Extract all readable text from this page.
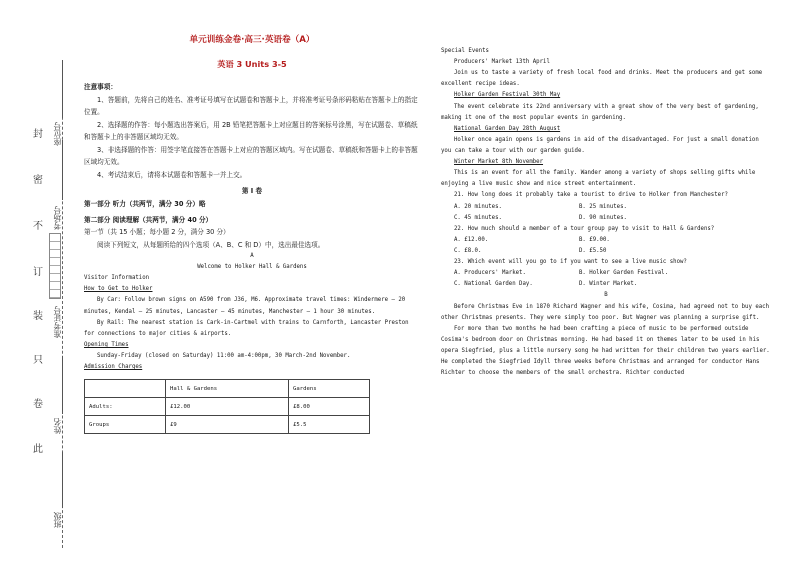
封
密
不
订
装
只
卷
此
座位号
考场号
准考证号
姓名
班级

单元训练金卷·高三·英语卷（A）

英语 3 Units 3-5

注意事项：

1、答题前，先将自己的姓名、准考证号填写在试题卷和答题卡上，并将准考证号条形码粘贴在答题卡上的指定位置。

2、选择题的作答：每小题选出答案后，用 2B 铅笔把答题卡上对应题目的答案标号涂黑，写在试题卷、草稿纸和答题卡上的非答题区域均无效。

3、非选择题的作答：用签字笔直接答在答题卡上对应的答题区域内。写在试题卷、草稿纸和答题卡上的非答题区域均无效。

4、考试结束后，请将本试题卷和答题卡一并上交。

第 I 卷

第一部分 听力（共两节，满分 30 分）略

第二部分 阅读理解（共两节，满分 40 分）

第一节（共 15 小题；每小题 2 分，满分 30 分）

阅读下列短文，从每题所给的四个选项（A、B、C 和 D）中，选出最佳选项。

A

Welcome to Holker Hall & Gardens

Visitor Information

How to Get to Holker

By Car: Follow brown signs on A590 from J36, M6. Approximate travel times: Windermere — 20 minutes, Kendal — 25 minutes, Lancaster — 45 minutes, Manchester — 1 hour 30 minutes.

By Rail: The nearest station is Cark-in-Cartmel with trains to Carnforth, Lancaster Preston for connections to major cities & airports.

Opening Times

Sunday-Friday (closed on Saturday) 11:00 am-4:00pm, 30 March-2nd November.

Admission Charges

	Hall & Gardens	Gardens
Adults:	£12.00	£8.00
Groups	£9	£5.5

Special Events

Producers' Market 13th April

Join us to taste a variety of fresh local food and drinks. Meet the producers and get some excellent recipe ideas.

Holker Garden Festival 30th May

The event celebrate its 22nd anniversary with a great show of the very best of gardening, making it one of the most popular events in gardening.

National Garden Day 28th August

Holker once again opens is gardens in aid of the disadvantaged. For just a small donation you can take a tour with our garden guide.

Winter Market 8th November

This is an event for all the family. Wander among a variety of shops selling gifts while enjoying a live music show and nice street entertainment.

21. How long does it probably take a tourist to drive to Holker from Manchester?

A. 20 minutes.	B. 25 minutes.
C. 45 minutes.	D. 90 minutes.

22. How much should a member of a tour group pay to visit to Hall & Gardens?

A. £12.00.	B. £9.00.
C. £8.0.	D. £5.50

23. Which event will you go to if you want to see a live music show?

A. Producers' Market.	B. Holker Garden Festival.
C. National Garden Day.	D. Winter Market.

B

Before Christmas Eve in 1870 Richard Wagner and his wife, Cosima, had agreed not to buy each other Christmas presents. They were simply too poor. But Wagner was planning a surprise gift.

For more than two months he had been crafting a piece of music to be performed outside Cosima's bedroom door on Christmas morning. He had based it on themes later to be used in his opera Siegfried, plus a little nursery song he had written for their children two years earlier. He completed the Siegfried Idyll three weeks before Christmas and arranged for conductor Hans Richter to choose the members of the small orchestra. Richter conducted
